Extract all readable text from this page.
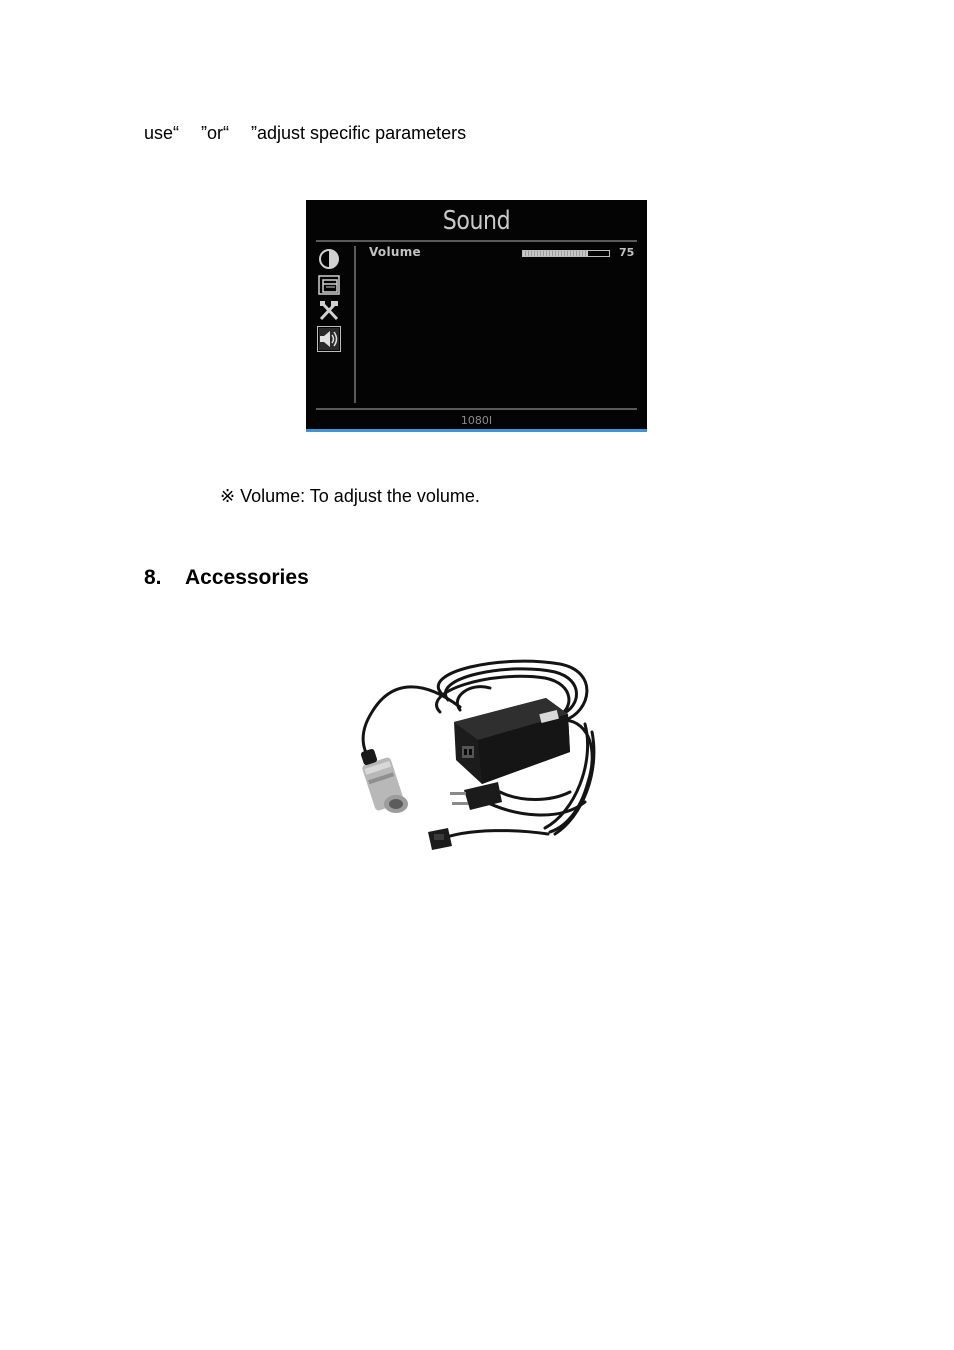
use“ ”or“ ”adjust specific parameters
Sound
Volume	75
1080I
※ Volume: To adjust the volume.
8. Accessories
